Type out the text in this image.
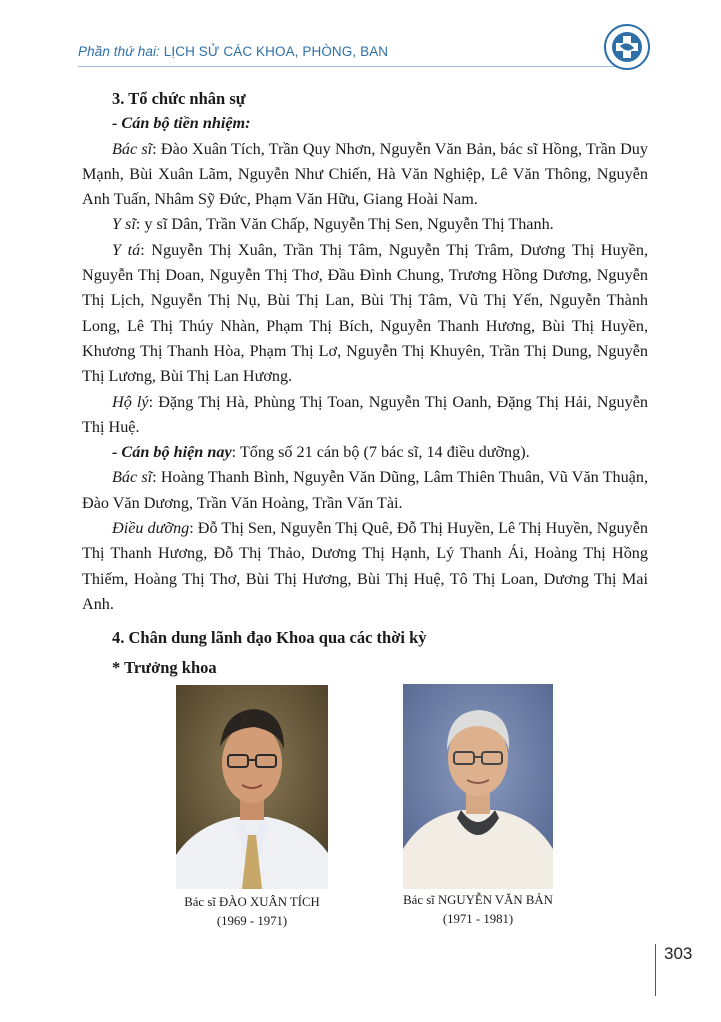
Phần thứ hai: LỊCH SỬ CÁC KHOA, PHÒNG, BAN

3. Tổ chức nhân sự

- Cán bộ tiền nhiệm:

Bác sĩ: Đào Xuân Tích, Trần Quy Nhơn, Nguyễn Văn Bản, bác sĩ Hồng, Trần Duy Mạnh, Bùi Xuân Lãm, Nguyễn Như Chiến, Hà Văn Nghiệp, Lê Văn Thông, Nguyễn Anh Tuấn, Nhâm Sỹ Đức, Phạm Văn Hữu, Giang Hoài Nam.

Y sĩ: y sĩ Dân, Trần Văn Chấp, Nguyễn Thị Sen, Nguyễn Thị Thanh.

Y tá: Nguyễn Thị Xuân, Trần Thị Tâm, Nguyễn Thị Trâm, Dương Thị Huyền, Nguyễn Thị Doan, Nguyễn Thị Thơ, Đầu Đình Chung, Trương Hồng Dương, Nguyễn Thị Lịch, Nguyễn Thị Nụ, Bùi Thị Lan, Bùi Thị Tâm, Vũ Thị Yến, Nguyễn Thành Long, Lê Thị Thúy Nhàn, Phạm Thị Bích, Nguyễn Thanh Hương, Bùi Thị Huyền, Khương Thị Thanh Hòa, Phạm Thị Lơ, Nguyễn Thị Khuyên, Trần Thị Dung, Nguyễn Thị Lương, Bùi Thị Lan Hương.

Hộ lý: Đặng Thị Hà, Phùng Thị Toan, Nguyễn Thị Oanh, Đặng Thị Hải, Nguyễn Thị Huệ.

- Cán bộ hiện nay: Tổng số 21 cán bộ (7 bác sĩ, 14 điều dưỡng).

Bác sĩ: Hoàng Thanh Bình, Nguyễn Văn Dũng, Lâm Thiên Thuân, Vũ Văn Thuận, Đào Văn Dương, Trần Văn Hoàng, Trần Văn Tài.

Điều dưỡng: Đỗ Thị Sen, Nguyễn Thị Quê, Đỗ Thị Huyền, Lê Thị Huyền, Nguyễn Thị Thanh Hương, Đỗ Thị Thảo, Dương Thị Hạnh, Lý Thanh Ái, Hoàng Thị Hồng Thiếm, Hoàng Thị Thơ, Bùi Thị Hương, Bùi Thị Huệ, Tô Thị Loan, Dương Thị Mai Anh.

4. Chân dung lãnh đạo Khoa qua các thời kỳ

* Trưởng khoa

Bác sĩ ĐÀO XUÂN TÍCH
(1969 - 1971)
Bác sĩ NGUYỄN VĂN BẢN
(1971 - 1981)
303
